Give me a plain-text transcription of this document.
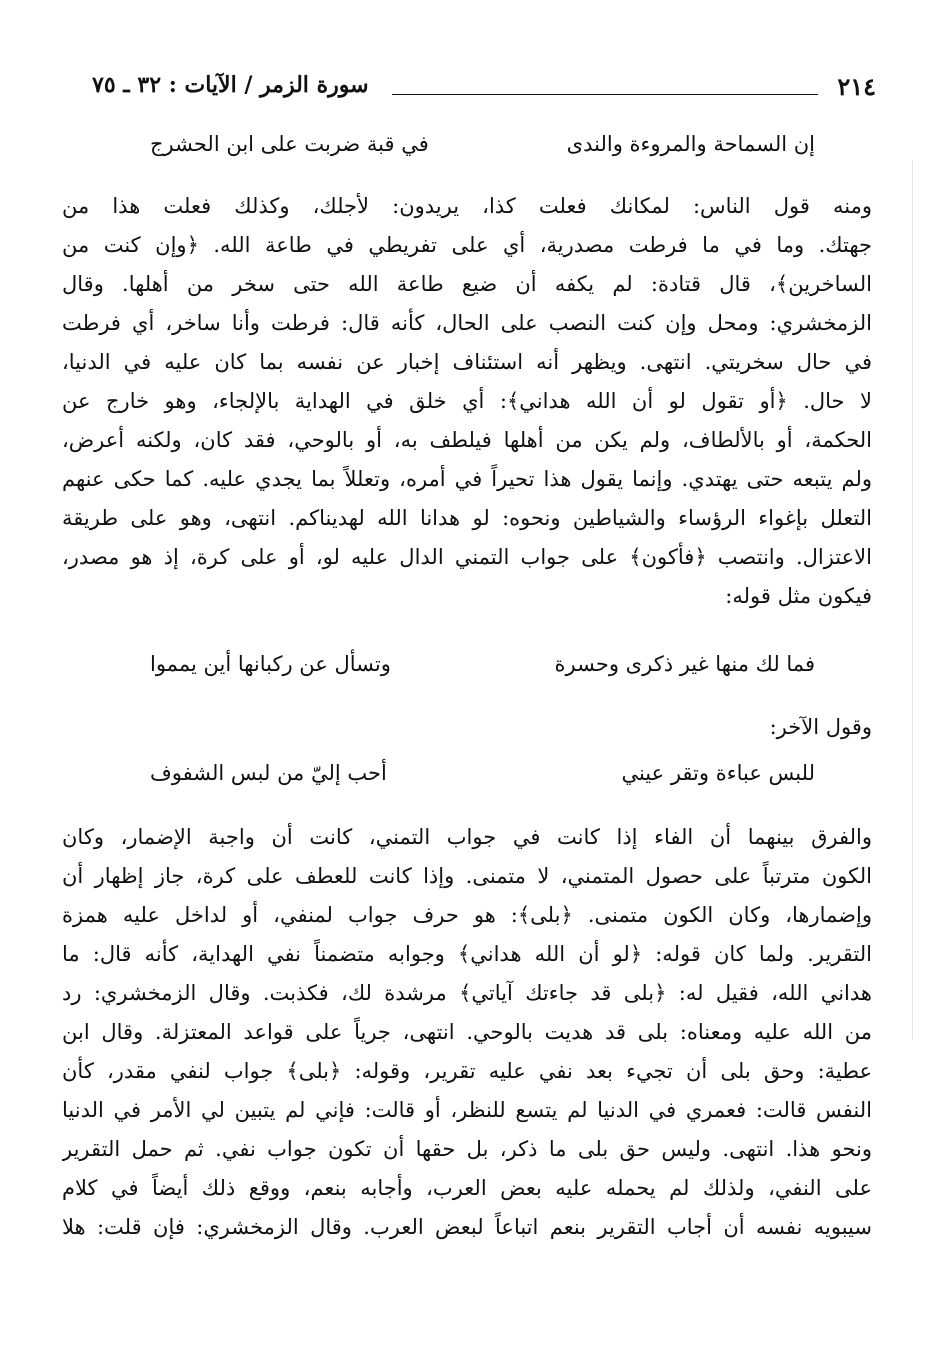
٢١٤
سورة الزمر / الآيات : ٣٢ ـ ٧٥
إن السماحة والمروءة والندى
في قبة ضربت على ابن الحشرج
ومنه قول الناس: لمكانك فعلت كذا، يريدون: لأجلك، وكذلك فعلت هذا من
جهتك. وما في ما فرطت مصدرية، أي على تفريطي في طاعة الله. ﴿وإن كنت من
الساخرين﴾، قال قتادة: لم يكفه أن ضيع طاعة الله حتى سخر من أهلها. وقال
الزمخشري: ومحل وإن كنت النصب على الحال، كأنه قال: فرطت وأنا ساخر، أي فرطت
في حال سخريتي. انتهى. ويظهر أنه استئناف إخبار عن نفسه بما كان عليه في الدنيا،
لا حال. ﴿أو تقول لو أن الله هداني﴾: أي خلق في الهداية بالإلجاء، وهو خارج عن
الحكمة، أو بالألطاف، ولم يكن من أهلها فيلطف به، أو بالوحي، فقد كان، ولكنه أعرض،
ولم يتبعه حتى يهتدي. وإنما يقول هذا تحيراً في أمره، وتعللاً بما يجدي عليه. كما حكى عنهم
التعلل بإغواء الرؤساء والشياطين ونحوه: لو هدانا الله لهديناكم. انتهى، وهو على طريقة
الاعتزال. وانتصب ﴿فأكون﴾ على جواب التمني الدال عليه لو، أو على كرة، إذ هو مصدر،
فيكون مثل قوله:
فما لك منها غير ذكرى وحسرة
وتسأل عن ركبانها أين يمموا
وقول الآخر:
للبس عباءة وتقر عيني
أحب إليّ من لبس الشفوف
والفرق بينهما أن الفاء إذا كانت في جواب التمني، كانت أن واجبة الإضمار، وكان
الكون مترتباً على حصول المتمني، لا متمنى. وإذا كانت للعطف على كرة، جاز إظهار أن
وإضمارها، وكان الكون متمنى. ﴿بلى﴾: هو حرف جواب لمنفي، أو لداخل عليه همزة
التقرير. ولما كان قوله: ﴿لو أن الله هداني﴾ وجوابه متضمناً نفي الهداية، كأنه قال: ما
هداني الله، فقيل له: ﴿بلى قد جاءتك آياتي﴾ مرشدة لك، فكذبت. وقال الزمخشري: رد
من الله عليه ومعناه: بلى قد هديت بالوحي. انتهى، جرياً على قواعد المعتزلة. وقال ابن
عطية: وحق بلى أن تجيء بعد نفي عليه تقرير، وقوله: ﴿بلى﴾ جواب لنفي مقدر، كأن
النفس قالت: فعمري في الدنيا لم يتسع للنظر، أو قالت: فإني لم يتبين لي الأمر في الدنيا
ونحو هذا. انتهى. وليس حق بلى ما ذكر، بل حقها أن تكون جواب نفي. ثم حمل التقرير
على النفي، ولذلك لم يحمله عليه بعض العرب، وأجابه بنعم، ووقع ذلك أيضاً في كلام
سيبويه نفسه أن أجاب التقرير بنعم اتباعاً لبعض العرب. وقال الزمخشري: فإن قلت: هلا
